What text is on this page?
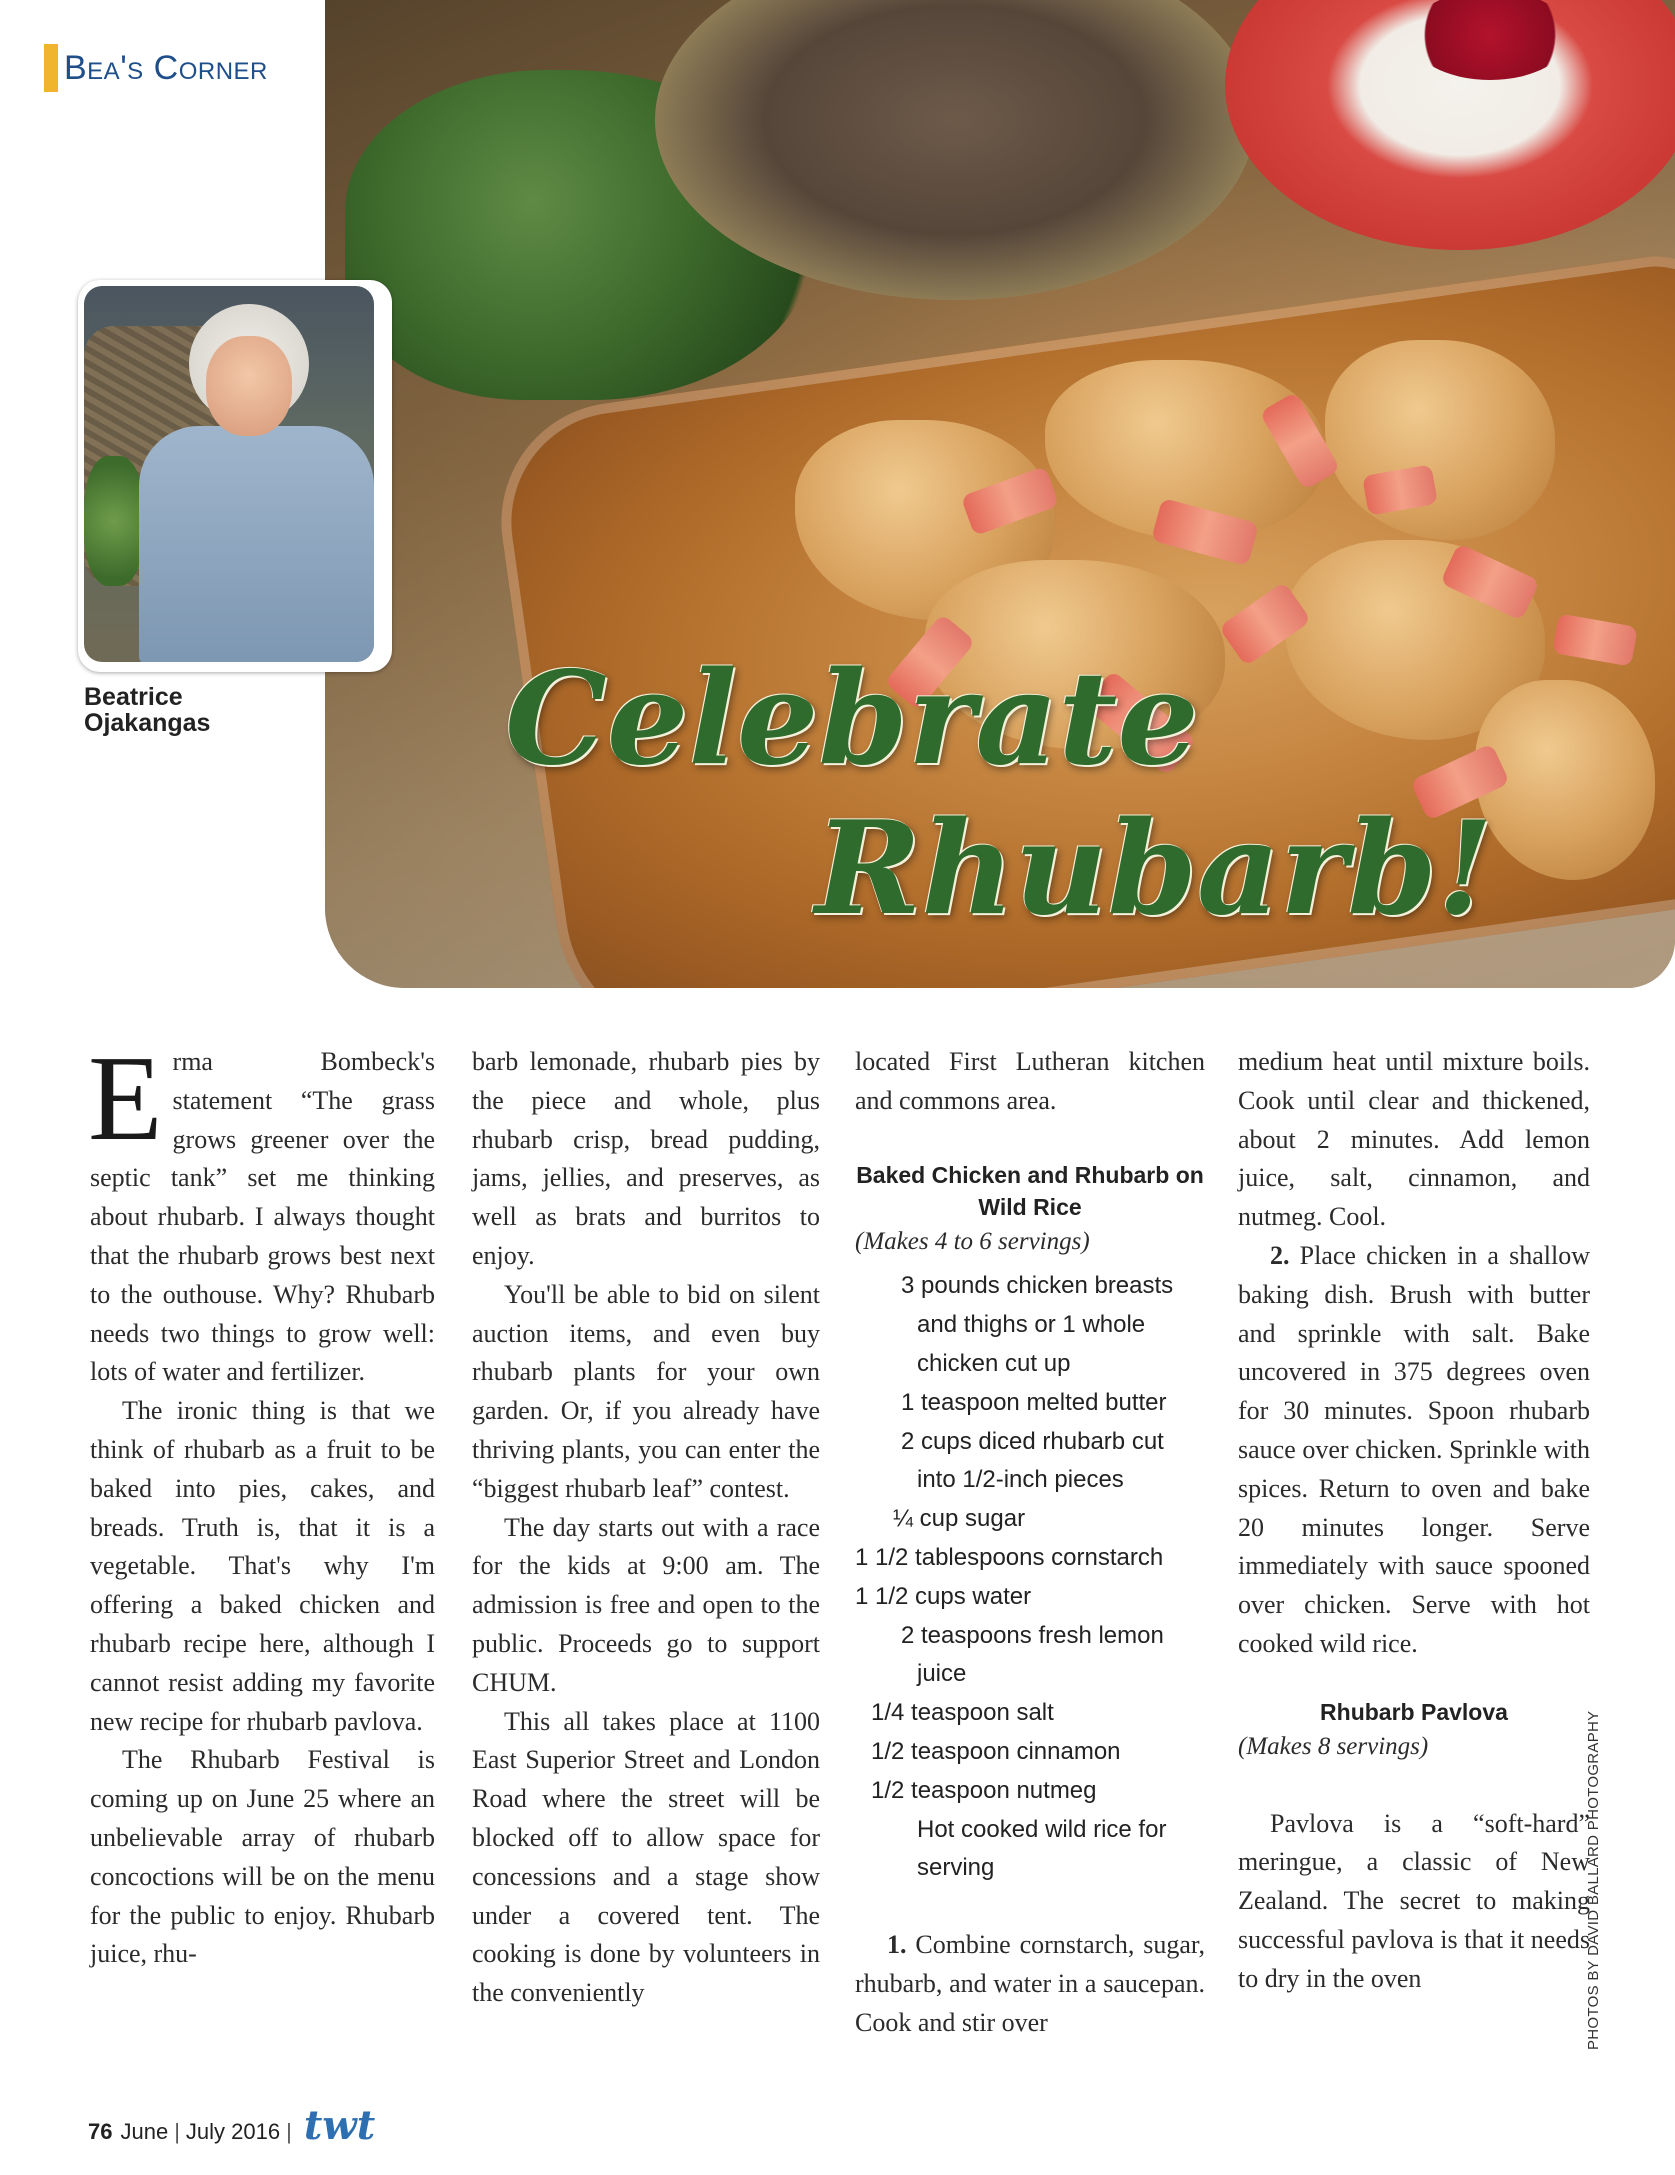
Bea's Corner
Celebrate
Rhubarb!

Beatrice
Ojakangas

Erma Bombeck's statement “The grass grows greener over the septic tank” set me thinking about rhubarb. I always thought that the rhubarb grows best next to the outhouse. Why? Rhubarb needs two things to grow well: lots of water and fertilizer.

The ironic thing is that we think of rhubarb as a fruit to be baked into pies, cakes, and breads. Truth is, that it is a vegetable. That's why I'm offering a baked chicken and rhubarb recipe here, although I cannot resist adding my favorite new recipe for rhubarb pavlova.

The Rhubarb Festival is coming up on June 25 where an unbelievable array of rhubarb concoctions will be on the menu for the public to enjoy. Rhubarb juice, rhu-

barb lemonade, rhubarb pies by the piece and whole, plus rhubarb crisp, bread pudding, jams, jellies, and preserves, as well as brats and burritos to enjoy.

You'll be able to bid on silent auction items, and even buy rhubarb plants for your own garden. Or, if you already have thriving plants, you can enter the “biggest rhubarb leaf” contest.

The day starts out with a race for the kids at 9:00 am. The admission is free and open to the public. Proceeds go to support CHUM.

This all takes place at 1100 East Superior Street and London Road where the street will be blocked off to allow space for concessions and a stage show under a covered tent. The cooking is done by volunteers in the conveniently

located First Lutheran kitchen and commons area.

Baked Chicken and Rhubarb on Wild Rice

(Makes 4 to 6 servings)

3 pounds chicken breasts and thighs or 1 whole chicken cut up
1 teaspoon melted butter
2 cups diced rhubarb cut into 1/2-inch pieces
¼ cup sugar
1 1/2 tablespoons cornstarch
1 1/2 cups water
2 teaspoons fresh lemon juice
1/4 teaspoon salt
1/2 teaspoon cinnamon
1/2 teaspoon nutmeg
Hot cooked wild rice for serving

1. Combine cornstarch, sugar, rhubarb, and water in a saucepan. Cook and stir over

medium heat until mixture boils. Cook until clear and thickened, about 2 minutes. Add lemon juice, salt, cinnamon, and nutmeg. Cool.

2. Place chicken in a shallow baking dish. Brush with butter and sprinkle with salt. Bake uncovered in 375 degrees oven for 30 minutes. Spoon rhubarb sauce over chicken. Sprinkle with spices. Return to oven and bake 20 minutes longer. Serve immediately with sauce spooned over chicken. Serve with hot cooked wild rice.

Rhubarb Pavlova

(Makes 8 servings)

Pavlova is a “soft-hard” meringue, a classic of New Zealand. The secret to making successful pavlova is that it needs to dry in the oven	PHOTOS BY DAVID BALLARD PHOTOGRAPHY

76 June | July 2016 | twt
